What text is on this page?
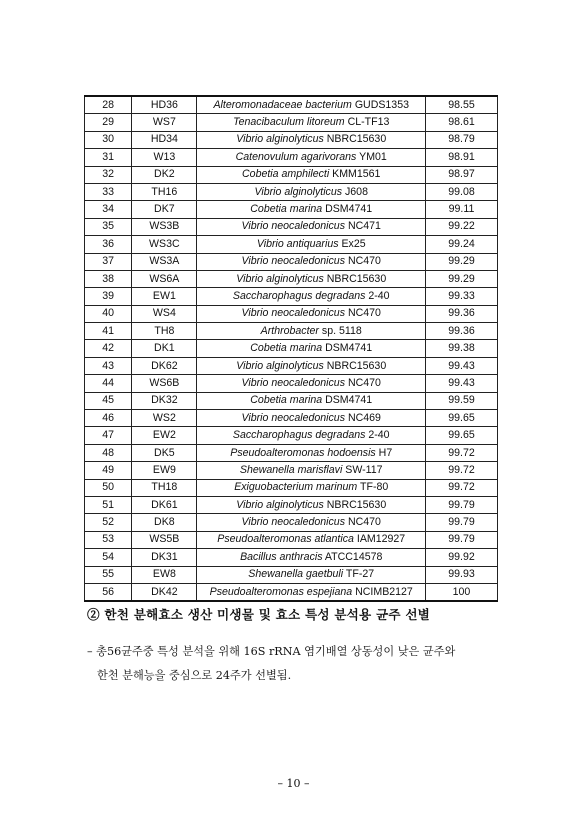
28	HD36	Alteromonadaceae bacterium GUDS1353	98.55
29	WS7	Tenacibaculum litoreum CL-TF13	98.61
30	HD34	Vibrio alginolyticus NBRC15630	98.79
31	W13	Catenovulum agarivorans YM01	98.91
32	DK2	Cobetia amphilecti KMM1561	98.97
33	TH16	Vibrio alginolyticus J608	99.08
34	DK7	Cobetia marina DSM4741	99.11
35	WS3B	Vibrio neocaledonicus NC471	99.22
36	WS3C	Vibrio antiquarius Ex25	99.24
37	WS3A	Vibrio neocaledonicus NC470	99.29
38	WS6A	Vibrio alginolyticus NBRC15630	99.29
39	EW1	Saccharophagus degradans 2-40	99.33
40	WS4	Vibrio neocaledonicus NC470	99.36
41	TH8	Arthrobacter sp. 5118	99.36
42	DK1	Cobetia marina DSM4741	99.38
43	DK62	Vibrio alginolyticus NBRC15630	99.43
44	WS6B	Vibrio neocaledonicus NC470	99.43
45	DK32	Cobetia marina DSM4741	99.59
46	WS2	Vibrio neocaledonicus NC469	99.65
47	EW2	Saccharophagus degradans 2-40	99.65
48	DK5	Pseudoalteromonas hodoensis H7	99.72
49	EW9	Shewanella marisflavi SW-117	99.72
50	TH18	Exiguobacterium marinum TF-80	99.72
51	DK61	Vibrio alginolyticus NBRC15630	99.79
52	DK8	Vibrio neocaledonicus NC470	99.79
53	WS5B	Pseudoalteromonas atlantica IAM12927	99.79
54	DK31	Bacillus anthracis ATCC14578	99.92
55	EW8	Shewanella gaetbuli TF-27	99.93
56	DK42	Pseudoalteromonas espejiana NCIMB2127	100
② 한천 분해효소 생산 미생물 및 효소 특성 분석용 균주 선별
– 총56균주중 특성 분석을 위해 16S rRNA 염기배열 상동성이 낮은 균주와
한천 분해능을 중심으로 24주가 선별됨.
– 10 –
